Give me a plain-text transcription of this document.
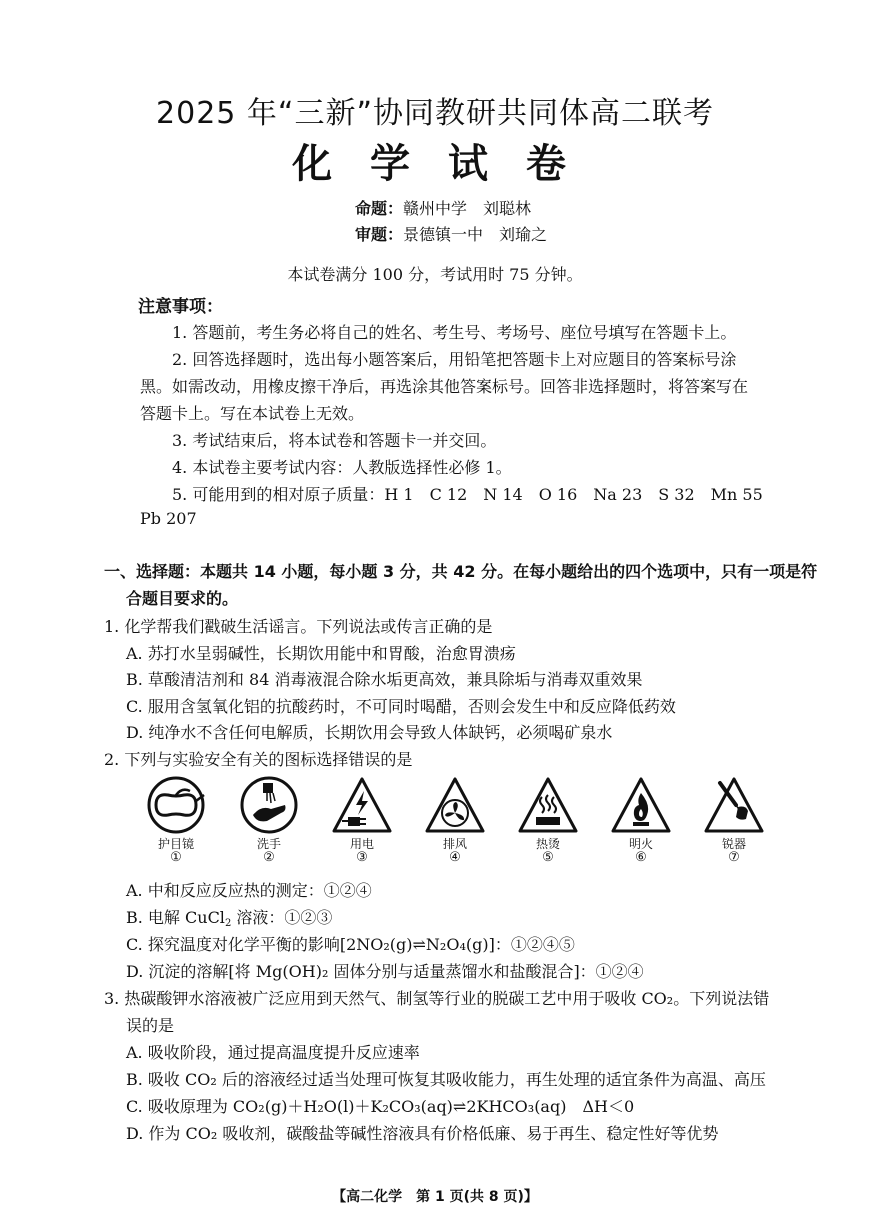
2025 年“三新”协同教研共同体高二联考
化 学 试 卷
命题：赣州中学　刘聪林
审题：景德镇一中　刘瑜之
本试卷满分 100 分，考试用时 75 分钟。
注意事项：
1. 答题前，考生务必将自己的姓名、考生号、考场号、座位号填写在答题卡上。
2. 回答选择题时，选出每小题答案后，用铅笔把答题卡上对应题目的答案标号涂
黑。如需改动，用橡皮擦干净后，再选涂其他答案标号。回答非选择题时，将答案写在
答题卡上。写在本试卷上无效。
3. 考试结束后，将本试卷和答题卡一并交回。
4. 本试卷主要考试内容：人教版选择性必修 1。
5. 可能用到的相对原子质量：H 1　C 12　N 14　O 16　Na 23　S 32　Mn 55
Pb 207
一、选择题：本题共 14 小题，每小题 3 分，共 42 分。在每小题给出的四个选项中，只有一项是符
合题目要求的。
1. 化学帮我们戳破生活谣言。下列说法或传言正确的是
A. 苏打水呈弱碱性，长期饮用能中和胃酸，治愈胃溃疡
B. 草酸清洁剂和 84 消毒液混合除水垢更高效，兼具除垢与消毒双重效果
C. 服用含氢氧化铝的抗酸药时，不可同时喝醋，否则会发生中和反应降低药效
D. 纯净水不含任何电解质，长期饮用会导致人体缺钙，必须喝矿泉水
2. 下列与实验安全有关的图标选择错误的是
护目镜
①
洗手
②
用电
③
排风
④
热烫
⑤
明火
⑥
锐器
⑦
A. 中和反应反应热的测定：①②④
B. 电解 CuCl$_2$ 溶液：①②③
C. 探究温度对化学平衡的影响[2NO₂(g)⇌N₂O₄(g)]：①②④⑤
D. 沉淀的溶解[将 Mg(OH)₂ 固体分别与适量蒸馏水和盐酸混合]：①②④
3. 热碳酸钾水溶液被广泛应用到天然气、制氢等行业的脱碳工艺中用于吸收 CO₂。下列说法错
误的是
A. 吸收阶段，通过提高温度提升反应速率
B. 吸收 CO₂ 后的溶液经过适当处理可恢复其吸收能力，再生处理的适宜条件为高温、高压
C. 吸收原理为 CO₂(g)＋H₂O(l)＋K₂CO₃(aq)⇌2KHCO₃(aq)　ΔH＜0
D. 作为 CO₂ 吸收剂，碳酸盐等碱性溶液具有价格低廉、易于再生、稳定性好等优势
【高二化学　第 1 页(共 8 页)】
